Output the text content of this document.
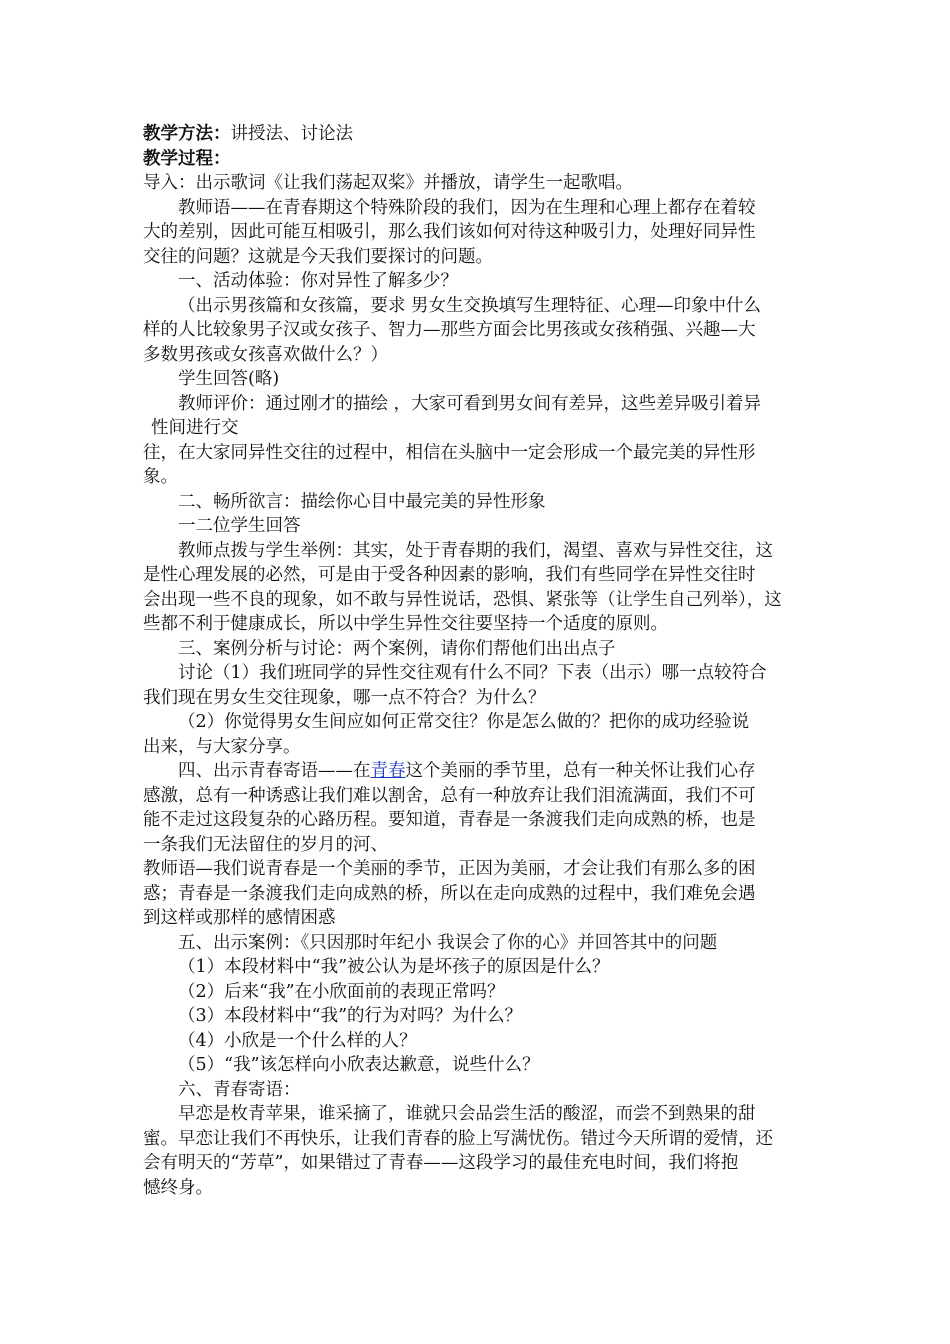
教学方法：讲授法、讨论法
教学过程：
导入：出示歌词《让我们荡起双桨》并播放，请学生一起歌唱。
教师语——在青春期这个特殊阶段的我们，因为在生理和心理上都存在着较
大的差别，因此可能互相吸引，那么我们该如何对待这种吸引力，处理好同异性
交往的问题？这就是今天我们要探讨的问题。
一、活动体验：你对异性了解多少？
（出示男孩篇和女孩篇，要求 男女生交换填写生理特征、心理—印象中什么
样的人比较象男子汉或女孩子、智力—那些方面会比男孩或女孩稍强、兴趣—大
多数男孩或女孩喜欢做什么？）
学生回答(略)
教师评价：通过刚才的描绘 ，大家可看到男女间有差异，这些差异吸引着异
性间进行交
往，在大家同异性交往的过程中，相信在头脑中一定会形成一个最完美的异性形
象。
二、畅所欲言：描绘你心目中最完美的异性形象
一二位学生回答
教师点拨与学生举例：其实，处于青春期的我们，渴望、喜欢与异性交往，这
是性心理发展的必然，可是由于受各种因素的影响，我们有些同学在异性交往时
会出现一些不良的现象，如不敢与异性说话，恐惧、紧张等（让学生自己列举），这
些都不利于健康成长，所以中学生异性交往要坚持一个适度的原则。
三、案例分析与讨论：两个案例，请你们帮他们出出点子
讨论（1）我们班同学的异性交往观有什么不同？下表（出示）哪一点较符合
我们现在男女生交往现象，哪一点不符合？为什么？
（2）你觉得男女生间应如何正常交往？你是怎么做的？把你的成功经验说
出来，与大家分享。
四、出示青春寄语——在青春这个美丽的季节里，总有一种关怀让我们心存
感激，总有一种诱惑让我们难以割舍，总有一种放弃让我们泪流满面，我们不可
能不走过这段复杂的心路历程。要知道，青春是一条渡我们走向成熟的桥，也是
一条我们无法留住的岁月的河、
教师语—我们说青春是一个美丽的季节，正因为美丽，才会让我们有那么多的困
惑；青春是一条渡我们走向成熟的桥，所以在走向成熟的过程中，我们难免会遇
到这样或那样的感情困惑
五、出示案例：《只因那时年纪小 我误会了你的心》并回答其中的问题
（1）本段材料中“我”被公认为是坏孩子的原因是什么？
（2）后来“我”在小欣面前的表现正常吗？
（3）本段材料中“我”的行为对吗？为什么？
（4）小欣是一个什么样的人？
（5）“我”该怎样向小欣表达歉意，说些什么？
六、青春寄语：
早恋是枚青苹果，谁采摘了，谁就只会品尝生活的酸涩，而尝不到熟果的甜
蜜。早恋让我们不再快乐，让我们青春的脸上写满忧伤。错过今天所谓的爱情，还
会有明天的“芳草”，如果错过了青春——这段学习的最佳充电时间，我们将抱
憾终身。
